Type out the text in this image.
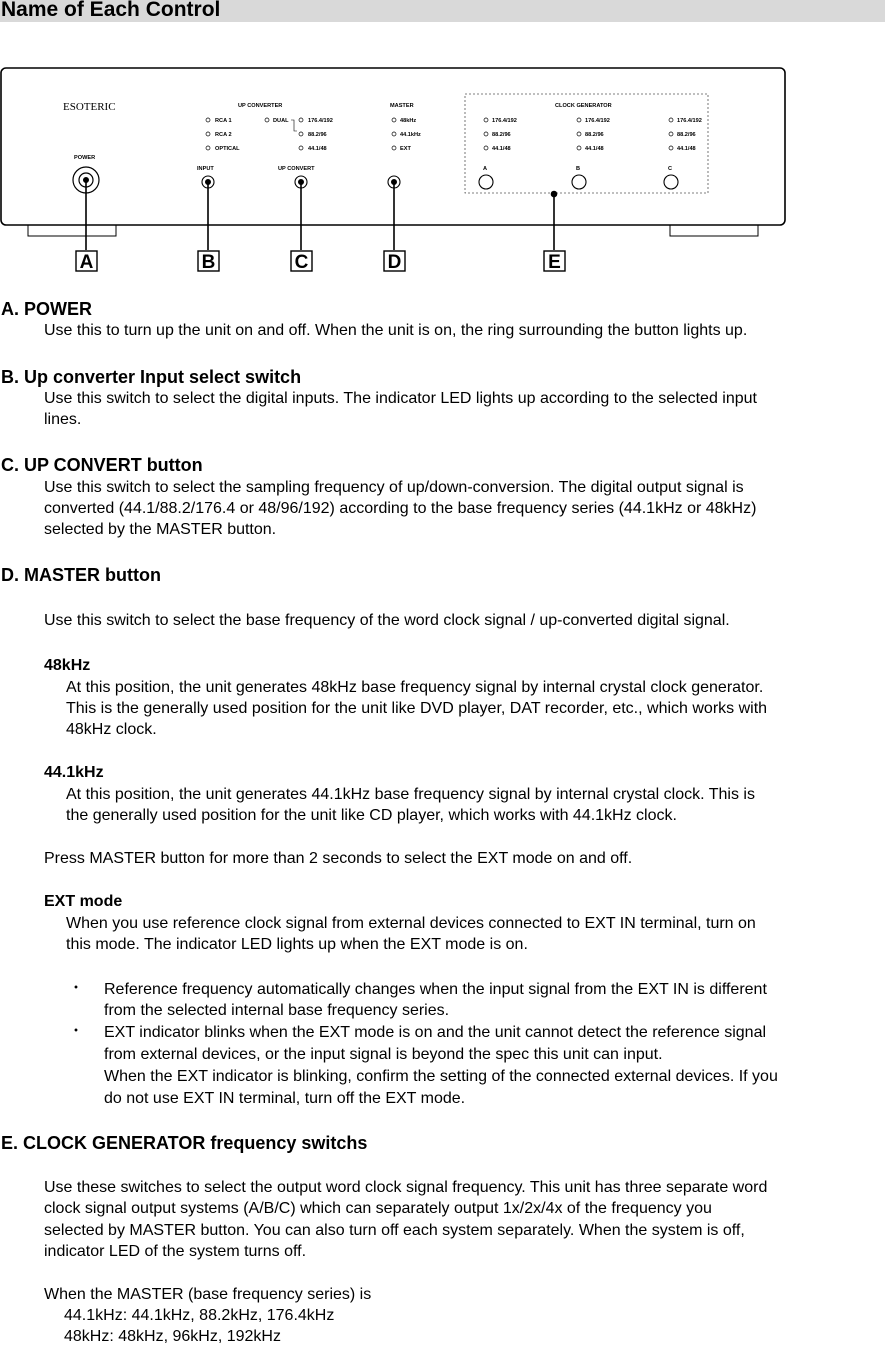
Name of Each Control
ESOTERIC
POWER
UP CONVERTER
RCA 1
RCA 2
OPTICAL
DUAL	176.4/192
88.2/96
44.1/48
INPUT	UP CONVERT
MASTER
48kHz
44.1kHz
EXT
CLOCK GENERATOR
176.4/192
88.2/96
44.1/48
176.4/192
88.2/96
44.1/48
176.4/192
88.2/96
44.1/48
A	B	C
A	B	C	D	E
A. POWER
Use this to turn up the unit on and off. When the unit is on, the ring surrounding the button lights up.
B. Up converter Input select switch
Use this switch to select the digital inputs. The indicator LED lights up according to the selected input
lines.
C. UP CONVERT button
Use this switch to select the sampling frequency of up/down-conversion. The digital output signal is
converted (44.1/88.2/176.4 or 48/96/192) according to the base frequency series (44.1kHz or 48kHz)
selected by the MASTER button.
D. MASTER button
Use this switch to select the base frequency of the word clock signal / up-converted digital signal.
48kHz
At this position, the unit generates 48kHz base frequency signal by internal crystal clock generator.
This is the generally used position for the unit like DVD player, DAT recorder, etc., which works with
48kHz clock.
44.1kHz
At this position, the unit generates 44.1kHz base frequency signal by internal crystal clock. This is
the generally used position for the unit like CD player, which works with 44.1kHz clock.
Press MASTER button for more than 2 seconds to select the EXT mode on and off.
EXT mode
When you use reference clock signal from external devices connected to EXT IN terminal, turn on
this mode. The indicator LED lights up when the EXT mode is on.
・ Reference frequency automatically changes when the input signal from the EXT IN is different
from the selected internal base frequency series.
・ EXT indicator blinks when the EXT mode is on and the unit cannot detect the reference signal
from external devices, or the input signal is beyond the spec this unit can input.
When the EXT indicator is blinking, confirm the setting of the connected external devices. If you
do not use EXT IN terminal, turn off the EXT mode.
E. CLOCK GENERATOR frequency switchs
Use these switches to select the output word clock signal frequency. This unit has three separate word
clock signal output systems (A/B/C) which can separately output 1x/2x/4x of the frequency you
selected by MASTER button. You can also turn off each system separately. When the system is off,
indicator LED of the system turns off.
When the MASTER (base frequency series) is
44.1kHz: 44.1kHz, 88.2kHz, 176.4kHz
48kHz: 48kHz, 96kHz, 192kHz
